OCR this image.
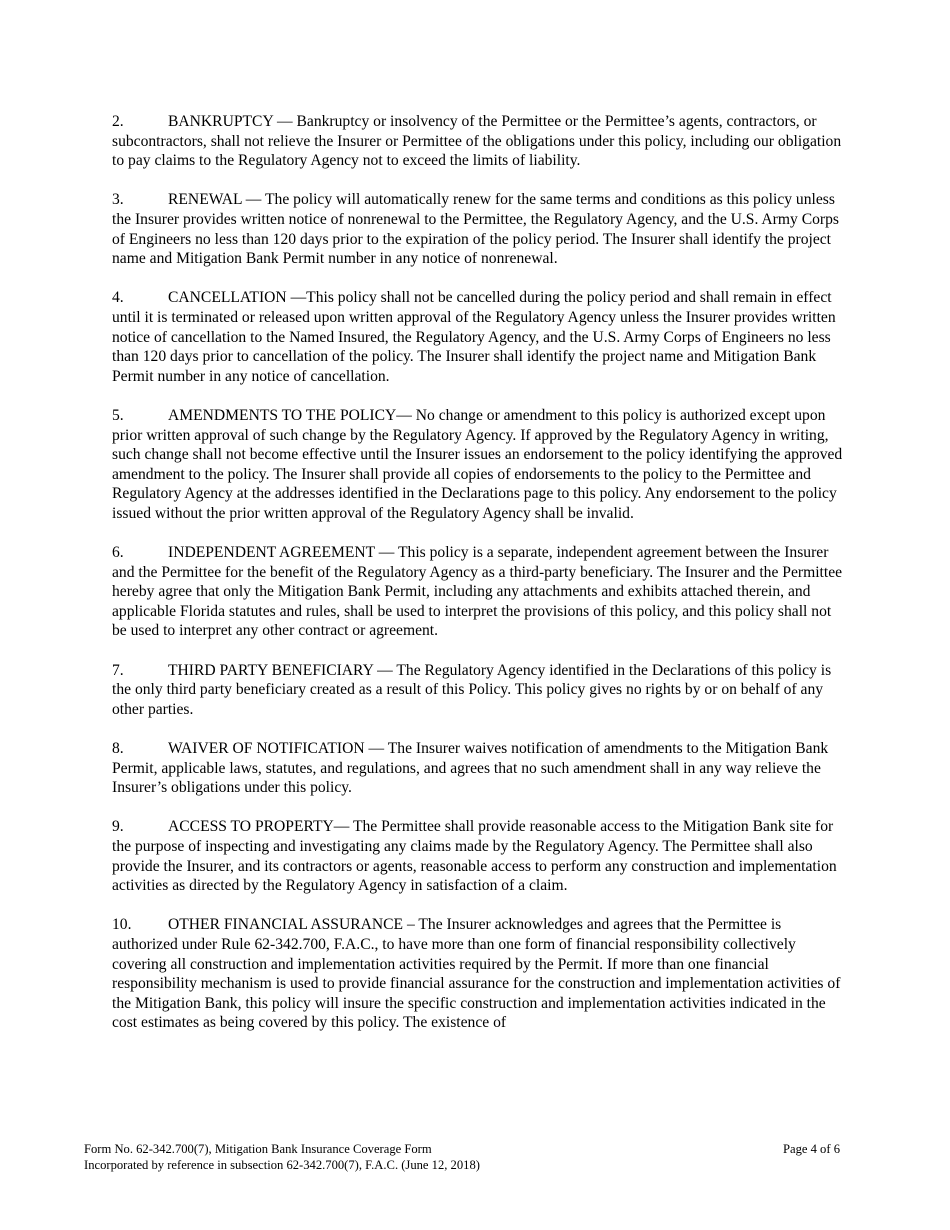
2.	BANKRUPTCY — Bankruptcy or insolvency of the Permittee or the Permittee’s agents, contractors, or subcontractors, shall not relieve the Insurer or Permittee of the obligations under this policy, including our obligation to pay claims to the Regulatory Agency not to exceed the limits of liability.

3.	RENEWAL — The policy will automatically renew for the same terms and conditions as this policy unless the Insurer provides written notice of nonrenewal to the Permittee, the Regulatory Agency, and the U.S. Army Corps of Engineers no less than 120 days prior to the expiration of the policy period. The Insurer shall identify the project name and Mitigation Bank Permit number in any notice of nonrenewal.

4.	CANCELLATION —This policy shall not be cancelled during the policy period and shall remain in effect until it is terminated or released upon written approval of the Regulatory Agency unless the Insurer provides written notice of cancellation to the Named Insured, the Regulatory Agency, and the U.S. Army Corps of Engineers no less than 120 days prior to cancellation of the policy. The Insurer shall identify the project name and Mitigation Bank Permit number in any notice of cancellation.

5.	AMENDMENTS TO THE POLICY— No change or amendment to this policy is authorized except upon prior written approval of such change by the Regulatory Agency. If approved by the Regulatory Agency in writing, such change shall not become effective until the Insurer issues an endorsement to the policy identifying the approved amendment to the policy. The Insurer shall provide all copies of endorsements to the policy to the Permittee and Regulatory Agency at the addresses identified in the Declarations page to this policy. Any endorsement to the policy issued without the prior written approval of the Regulatory Agency shall be invalid.

6.	INDEPENDENT AGREEMENT — This policy is a separate, independent agreement between the Insurer and the Permittee for the benefit of the Regulatory Agency as a third-party beneficiary. The Insurer and the Permittee hereby agree that only the Mitigation Bank Permit, including any attachments and exhibits attached therein, and applicable Florida statutes and rules, shall be used to interpret the provisions of this policy, and this policy shall not be used to interpret any other contract or agreement.

7.	THIRD PARTY BENEFICIARY — The Regulatory Agency identified in the Declarations of this policy is the only third party beneficiary created as a result of this Policy. This policy gives no rights by or on behalf of any other parties.

8.	WAIVER OF NOTIFICATION — The Insurer waives notification of amendments to the Mitigation Bank Permit, applicable laws, statutes, and regulations, and agrees that no such amendment shall in any way relieve the Insurer’s obligations under this policy.

9.	ACCESS TO PROPERTY— The Permittee shall provide reasonable access to the Mitigation Bank site for the purpose of inspecting and investigating any claims made by the Regulatory Agency. The Permittee shall also provide the Insurer, and its contractors or agents, reasonable access to perform any construction and implementation activities as directed by the Regulatory Agency in satisfaction of a claim.

10. OTHER FINANCIAL ASSURANCE – The Insurer acknowledges and agrees that the Permittee is authorized under Rule 62-342.700, F.A.C., to have more than one form of financial responsibility collectively covering all construction and implementation activities required by the Permit. If more than one financial responsibility mechanism is used to provide financial assurance for the construction and implementation activities of the Mitigation Bank, this policy will insure the specific construction and implementation activities indicated in the cost estimates as being covered by this policy. The existence of

Form No. 62-342.700(7), Mitigation Bank Insurance Coverage Form	Page 4 of 6
Incorporated by reference in subsection 62-342.700(7), F.A.C. (June 12, 2018)
